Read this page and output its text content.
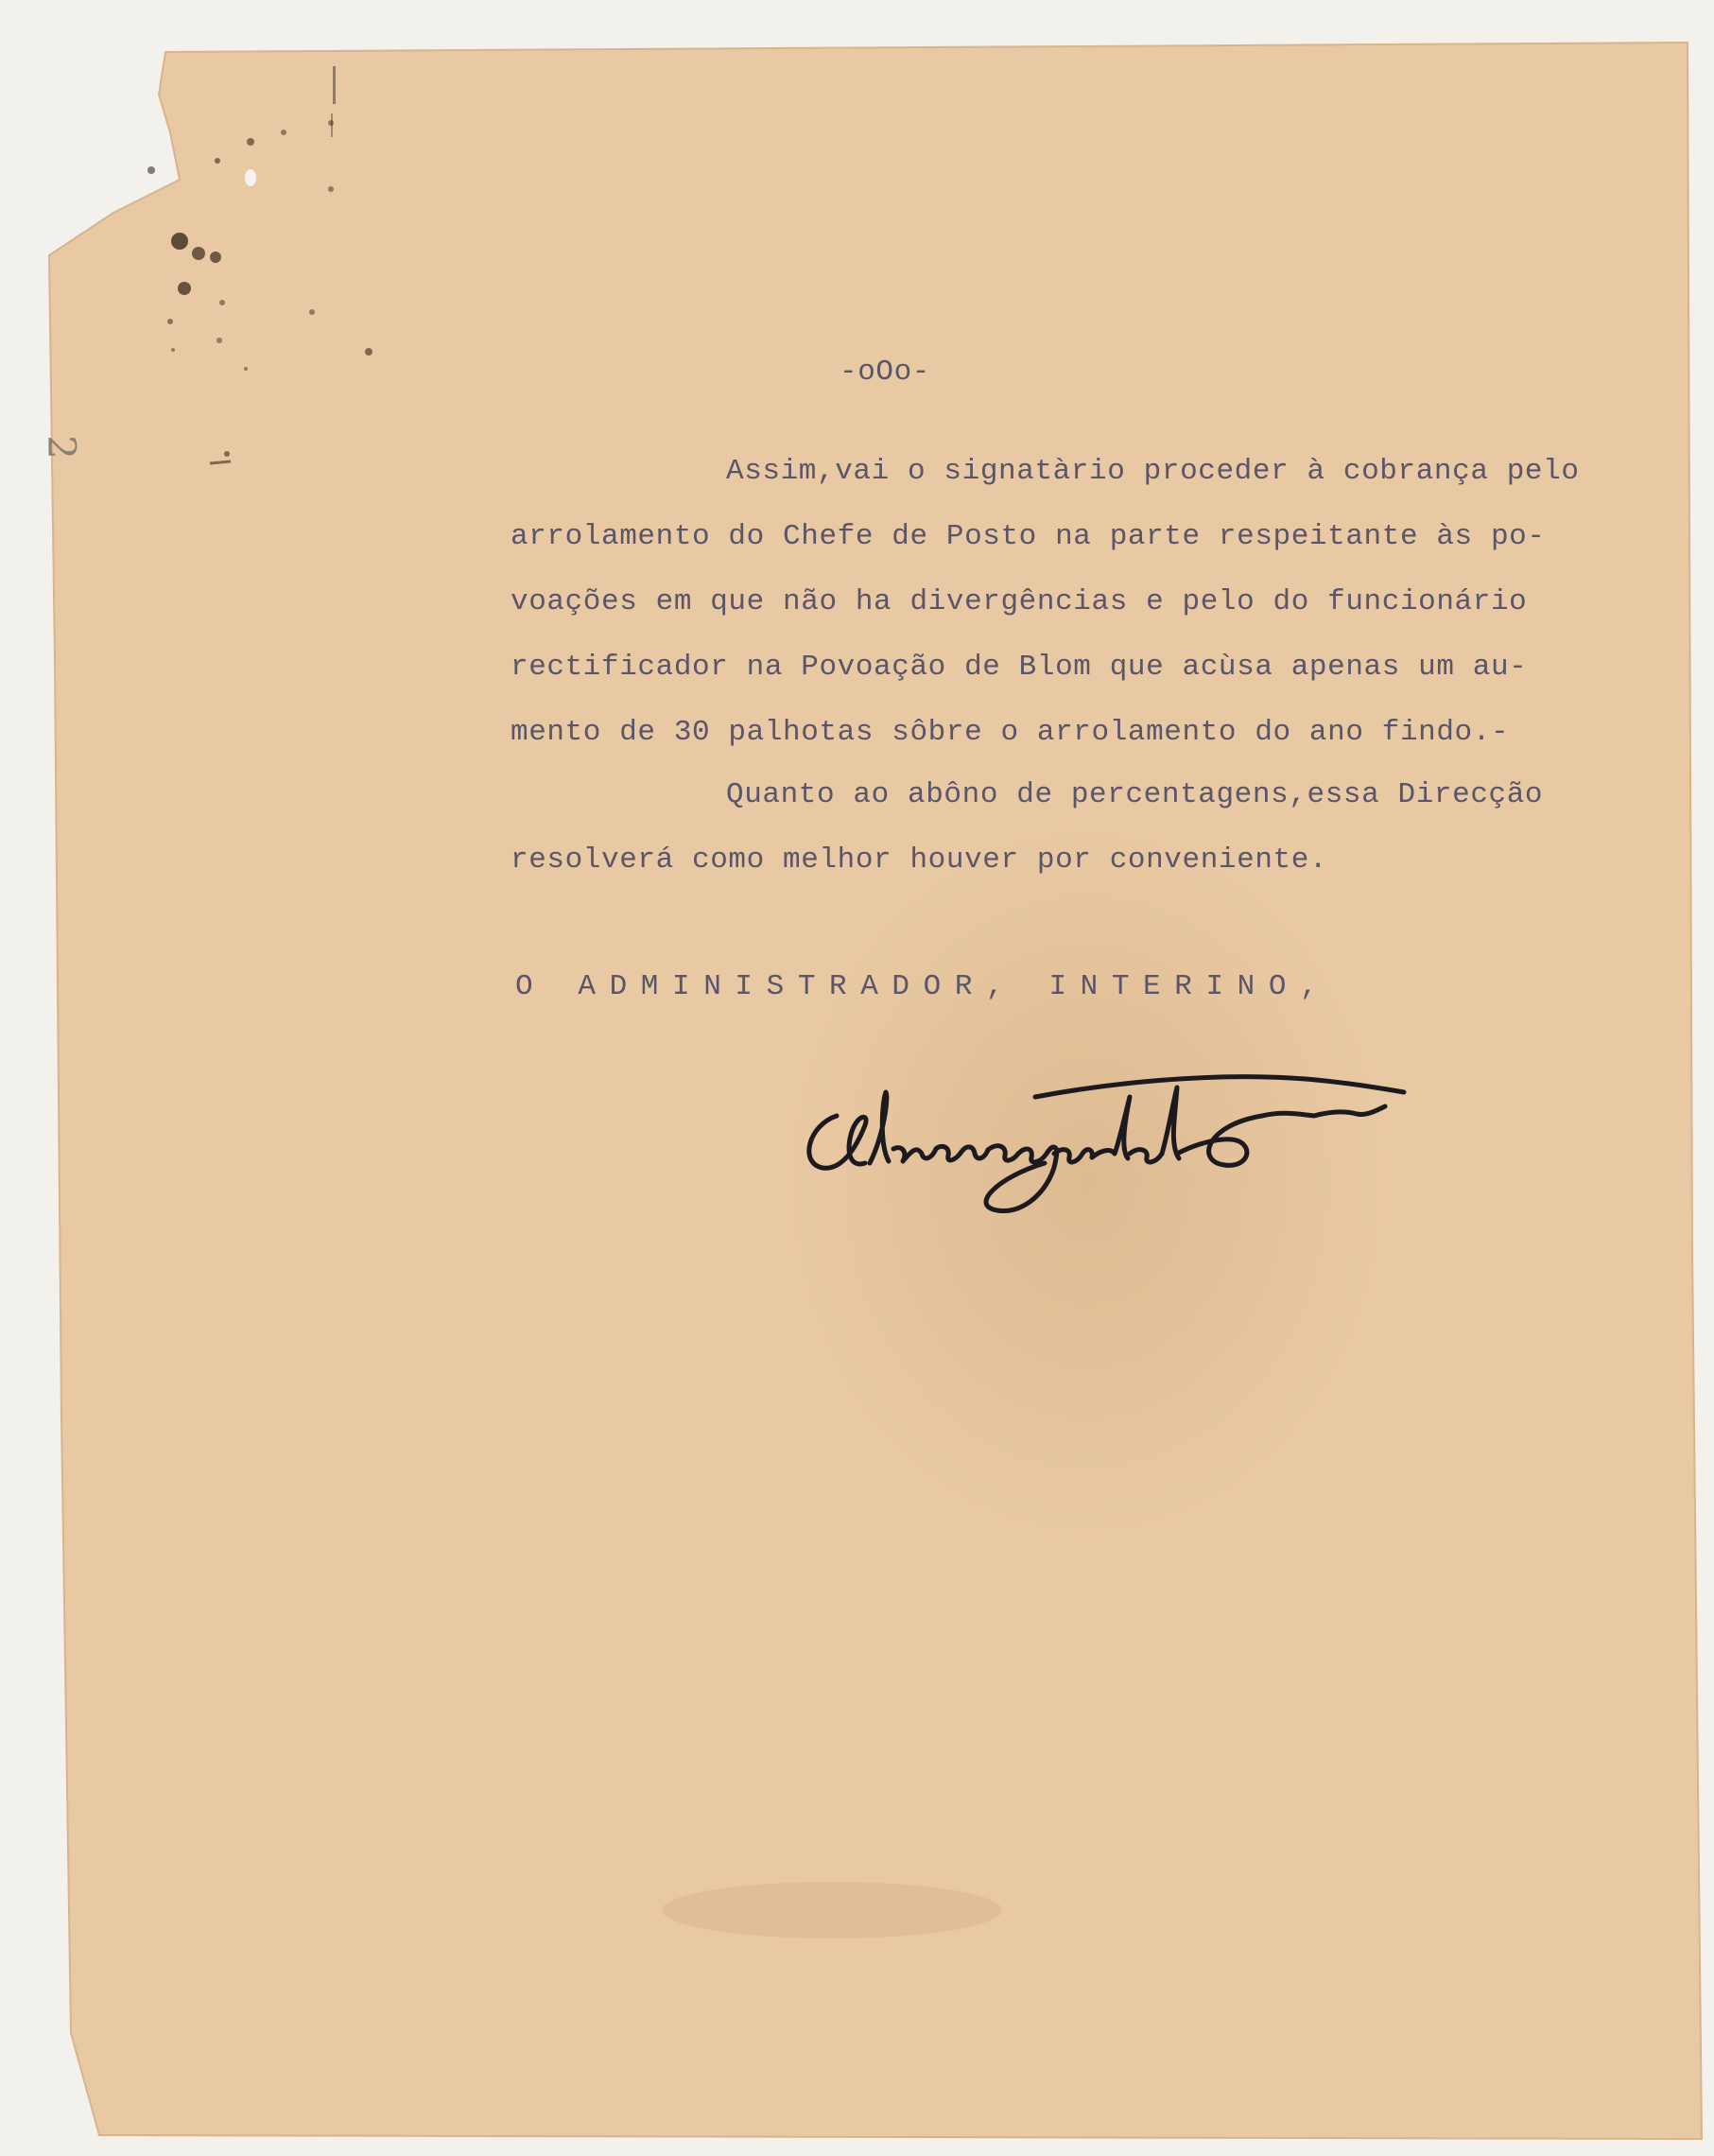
-oOo-
Assim,vai o signatàrio proceder à cobrança pelo
arrolamento do Chefe de Posto na parte respeitante às po-
voações em que não ha divergências e pelo do funcionário
rectificador na Povoação de Blom que acùsa apenas um au-
mento de 30 palhotas sôbre o arrolamento do ano findo.-
Quanto ao abôno de percentagens,essa Direcção
resolverá como melhor houver por conveniente.
O ADMINISTRADOR, INTERINO,
2
